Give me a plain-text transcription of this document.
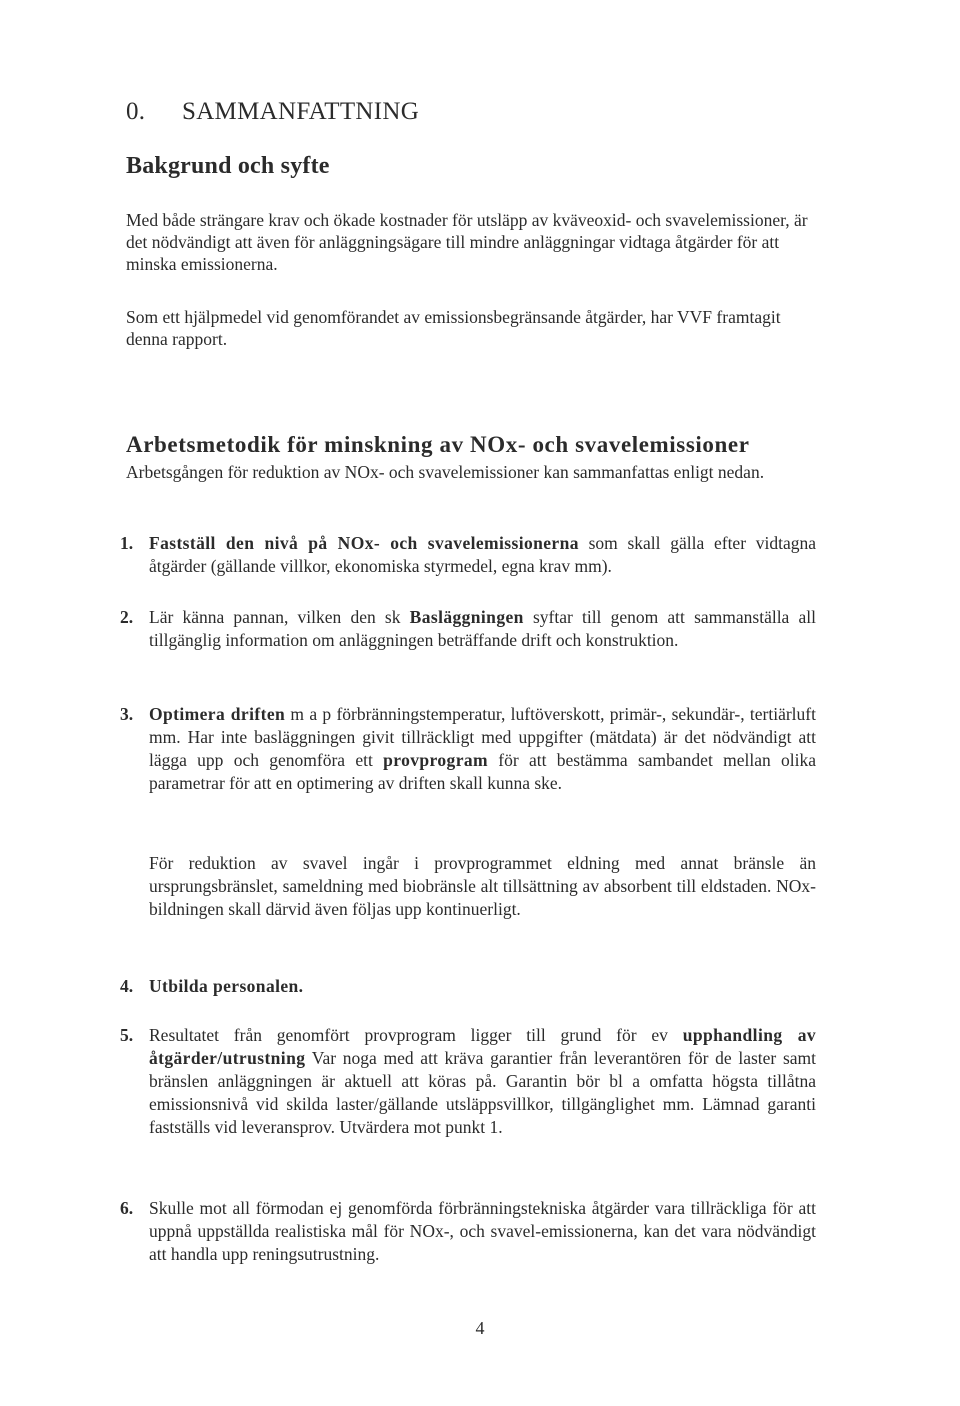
0. SAMMANFATTNING
Bakgrund och syfte
Med både strängare krav och ökade kostnader för utsläpp av kväveoxid- och svavelemissioner, är det nödvändigt att även för anläggningsägare till mindre anläggningar vidtaga åtgärder för att minska emissionerna.
Som ett hjälpmedel vid genomförandet av emissionsbegränsande åtgärder, har VVF framtagit denna rapport.
Arbetsmetodik för minskning av NOx- och svavelemissioner
Arbetsgången för reduktion av NOx- och svavelemissioner kan sammanfattas enligt nedan.
1. Fastställ den nivå på NOx- och svavelemissionerna som skall gälla efter vidtagna åtgärder (gällande villkor, ekonomiska styrmedel, egna krav mm).
2. Lär känna pannan, vilken den sk Basläggningen syftar till genom att sammanställa all tillgänglig information om anläggningen beträffande drift och konstruktion.
3. Optimera driften m a p förbränningstemperatur, luftöverskott, primär-, sekundär-, tertiärluft mm. Har inte basläggningen givit tillräckligt med uppgifter (mätdata) är det nödvändigt att lägga upp och genomföra ett provprogram för att bestämma sambandet mellan olika parametrar för att en optimering av driften skall kunna ske.
För reduktion av svavel ingår i provprogrammet eldning med annat bränsle än ursprungsbränslet, sameldning med biobränsle alt tillsättning av absorbent till eldstaden. NOx-bildningen skall därvid även följas upp kontinuerligt.
4. Utbilda personalen.
5. Resultatet från genomfört provprogram ligger till grund för ev upphandling av åtgärder/utrustning Var noga med att kräva garantier från leverantören för de laster samt bränslen anläggningen är aktuell att köras på. Garantin bör bl a omfatta högsta tillåtna emissionsnivå vid skilda laster/gällande utsläppsvillkor, tillgänglighet mm. Lämnad garanti fastställs vid leveransprov. Utvärdera mot punkt 1.
6. Skulle mot all förmodan ej genomförda förbränningstekniska åtgärder vara tillräckliga för att uppnå uppställda realistiska mål för NOx-, och svavel-emissionerna, kan det vara nödvändigt att handla upp reningsutrustning.
4
